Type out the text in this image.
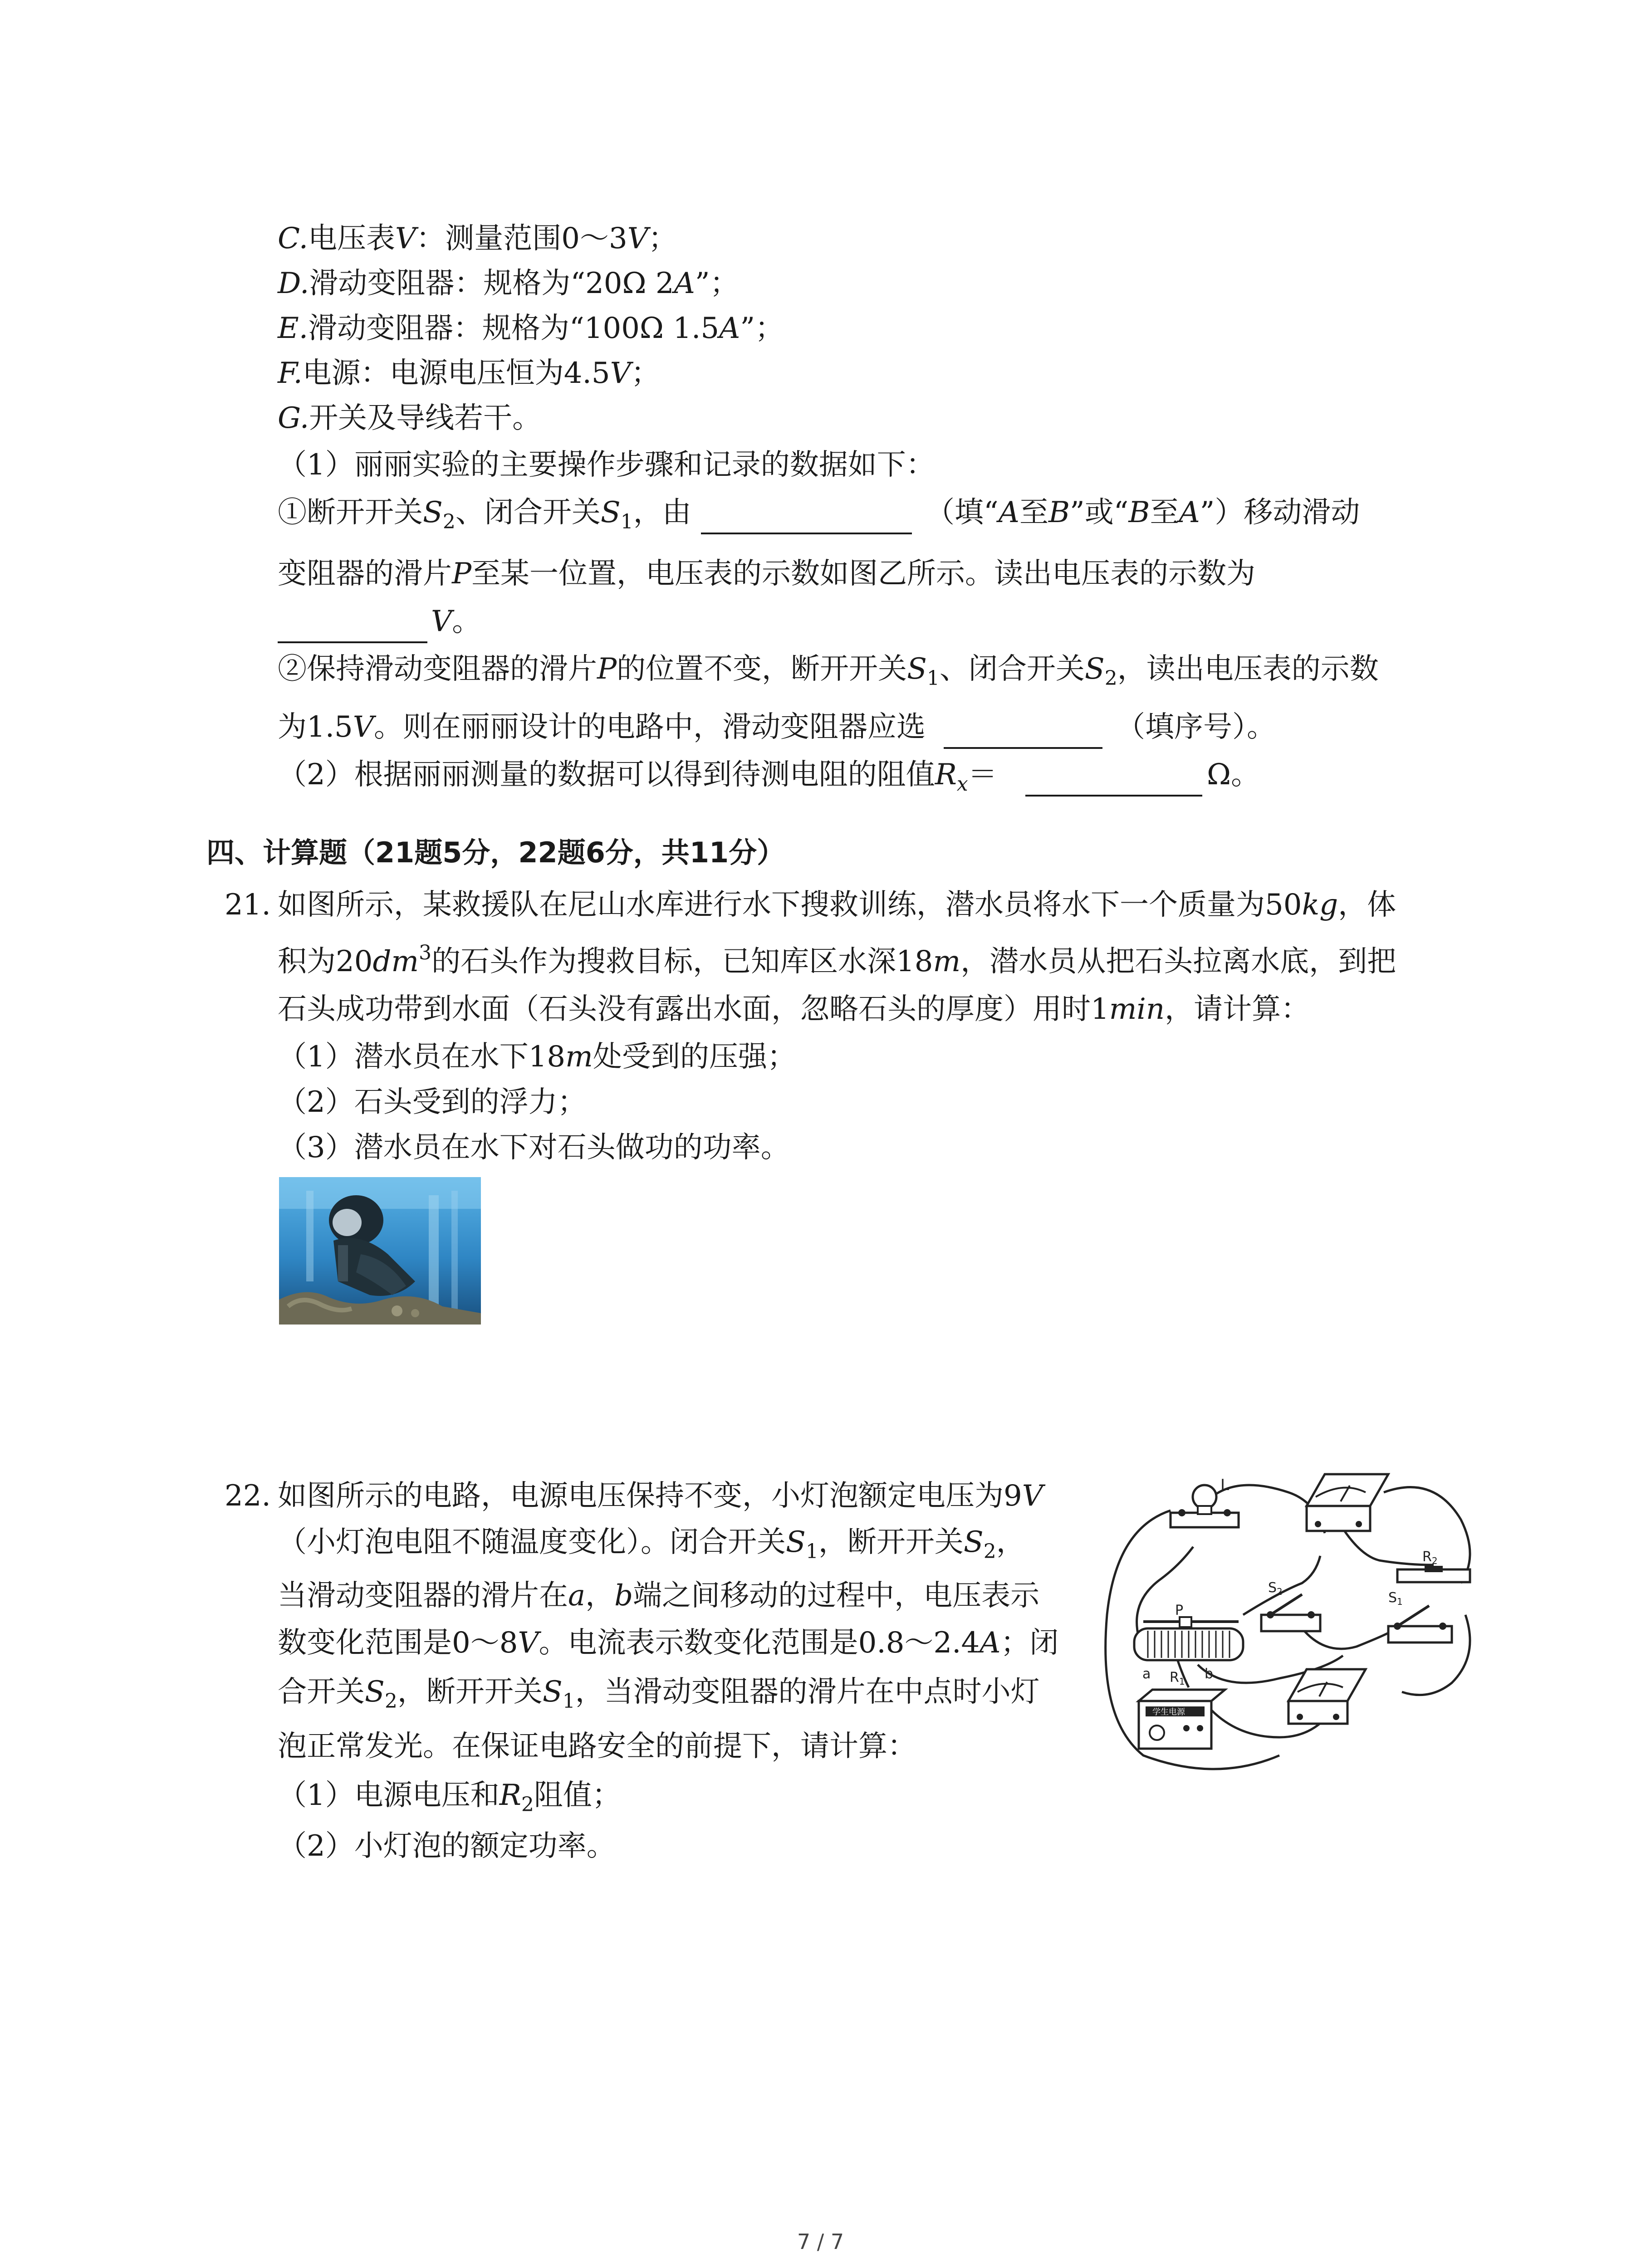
C.电压表V：测量范围0～3V；
D.滑动变阻器：规格为“20Ω 2A”；
E.滑动变阻器：规格为“100Ω 1.5A”；
F.电源：电源电压恒为4.5V；
G.开关及导线若干。
（1）丽丽实验的主要操作步骤和记录的数据如下：
①断开开关$S_2$、闭合开关$S_1$，由	（填“A至B”或“B至A”）移动滑动
变阻器的滑片P至某一位置，电压表的示数如图乙所示。读出电压表的示数为
V。
②保持滑动变阻器的滑片P的位置不变，断开开关$S_1$、闭合开关$S_2$，读出电压表的示数
为1.5V。则在丽丽设计的电路中，滑动变阻器应选	（填序号）。
（2）根据丽丽测量的数据可以得到待测电阻的阻值$R_x=$	Ω。
四、计算题（21题5分，22题6分，共11分）
21. 如图所示，某救援队在尼山水库进行水下搜救训练，潜水员将水下一个质量为50kg，体
积为$20dm^3$的石头作为搜救目标，已知库区水深18m，潜水员从把石头拉离水底，到把
石头成功带到水面（石头没有露出水面，忽略石头的厚度）用时1min，请计算：
（1）潜水员在水下18m处受到的压强；
（2）石头受到的浮力；
（3）潜水员在水下对石头做功的功率。
22. 如图所示的电路，电源电压保持不变，小灯泡额定电压为9V
（小灯泡电阻不随温度变化）。闭合开关$S_1$，断开开关$S_2$，
当滑动变阻器的滑片在a，b端之间移动的过程中，电压表示
数变化范围是0～8V。电流表示数变化范围是0.8～2.4A；闭
合开关$S_2$，断开开关$S_1$，当滑动变阻器的滑片在中点时小灯
泡正常发光。在保证电路安全的前提下，请计算：
（1）电源电压和$R_2$阻值；
（2）小灯泡的额定功率。
L
$R_2$
P
a	b
$R_1$
$S_2$	$S_1$
学生电源
7 / 7
